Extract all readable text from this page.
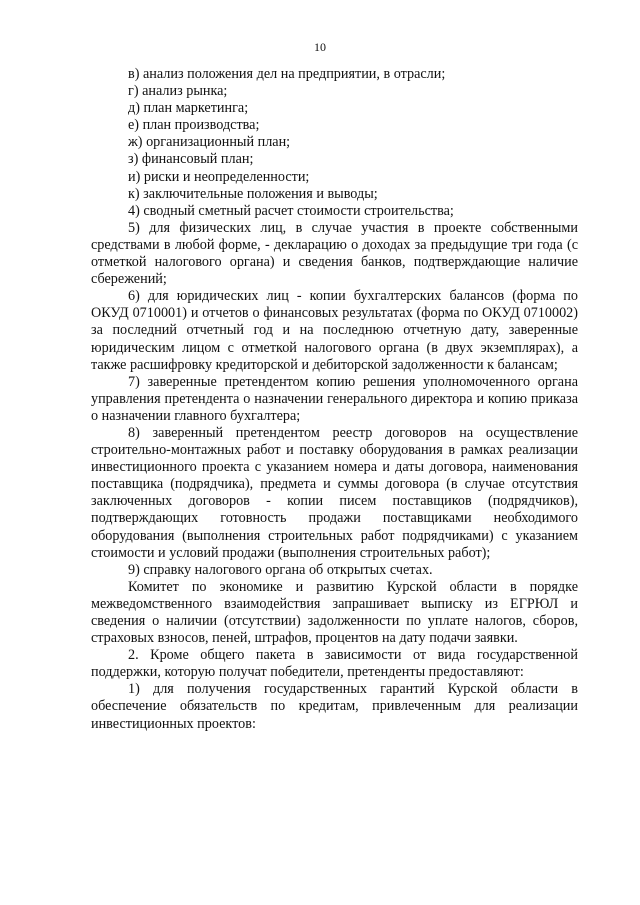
10

в) анализ положения дел на предприятии, в отрасли;

г) анализ рынка;

д) план маркетинга;

е) план производства;

ж) организационный план;

з) финансовый план;

и) риски и неопределенности;

к) заключительные положения и выводы;

4) сводный сметный расчет стоимости строительства;

5) для физических лиц, в случае участия в проекте собственными средствами в любой форме, - декларацию о доходах за предыдущие три года (с отметкой налогового органа) и сведения банков, подтверждающие наличие сбережений;

6) для юридических лиц - копии бухгалтерских балансов (форма по ОКУД 0710001) и отчетов о финансовых результатах (форма по ОКУД 0710002) за последний отчетный год и на последнюю отчетную дату, заверенные юридическим лицом с отметкой налогового органа (в двух экземплярах), а также расшифровку кредиторской и дебиторской задолженности к балансам;

7) заверенные претендентом копию решения уполномоченного органа управления претендента о назначении генерального директора и копию приказа о назначении главного бухгалтера;

8) заверенный претендентом реестр договоров на осуществление строительно-монтажных работ и поставку оборудования в рамках реализации инвестиционного проекта с указанием номера и даты договора, наименования поставщика (подрядчика), предмета и суммы договора (в случае отсутствия заключенных договоров - копии писем поставщиков (подрядчиков), подтверждающих готовность продажи поставщиками необходимого оборудования (выполнения строительных работ подрядчиками) с указанием стоимости и условий продажи (выполнения строительных работ);

9) справку налогового органа об открытых счетах.

Комитет по экономике и развитию Курской области в порядке межведомственного взаимодействия запрашивает выписку из ЕГРЮЛ и сведения о наличии (отсутствии) задолженности по уплате налогов, сборов, страховых взносов, пеней, штрафов, процентов на дату подачи заявки.

2. Кроме общего пакета в зависимости от вида государственной поддержки, которую получат победители, претенденты предоставляют:

1) для получения государственных гарантий Курской области в обеспечение обязательств по кредитам, привлеченным для реализации инвестиционных проектов:
